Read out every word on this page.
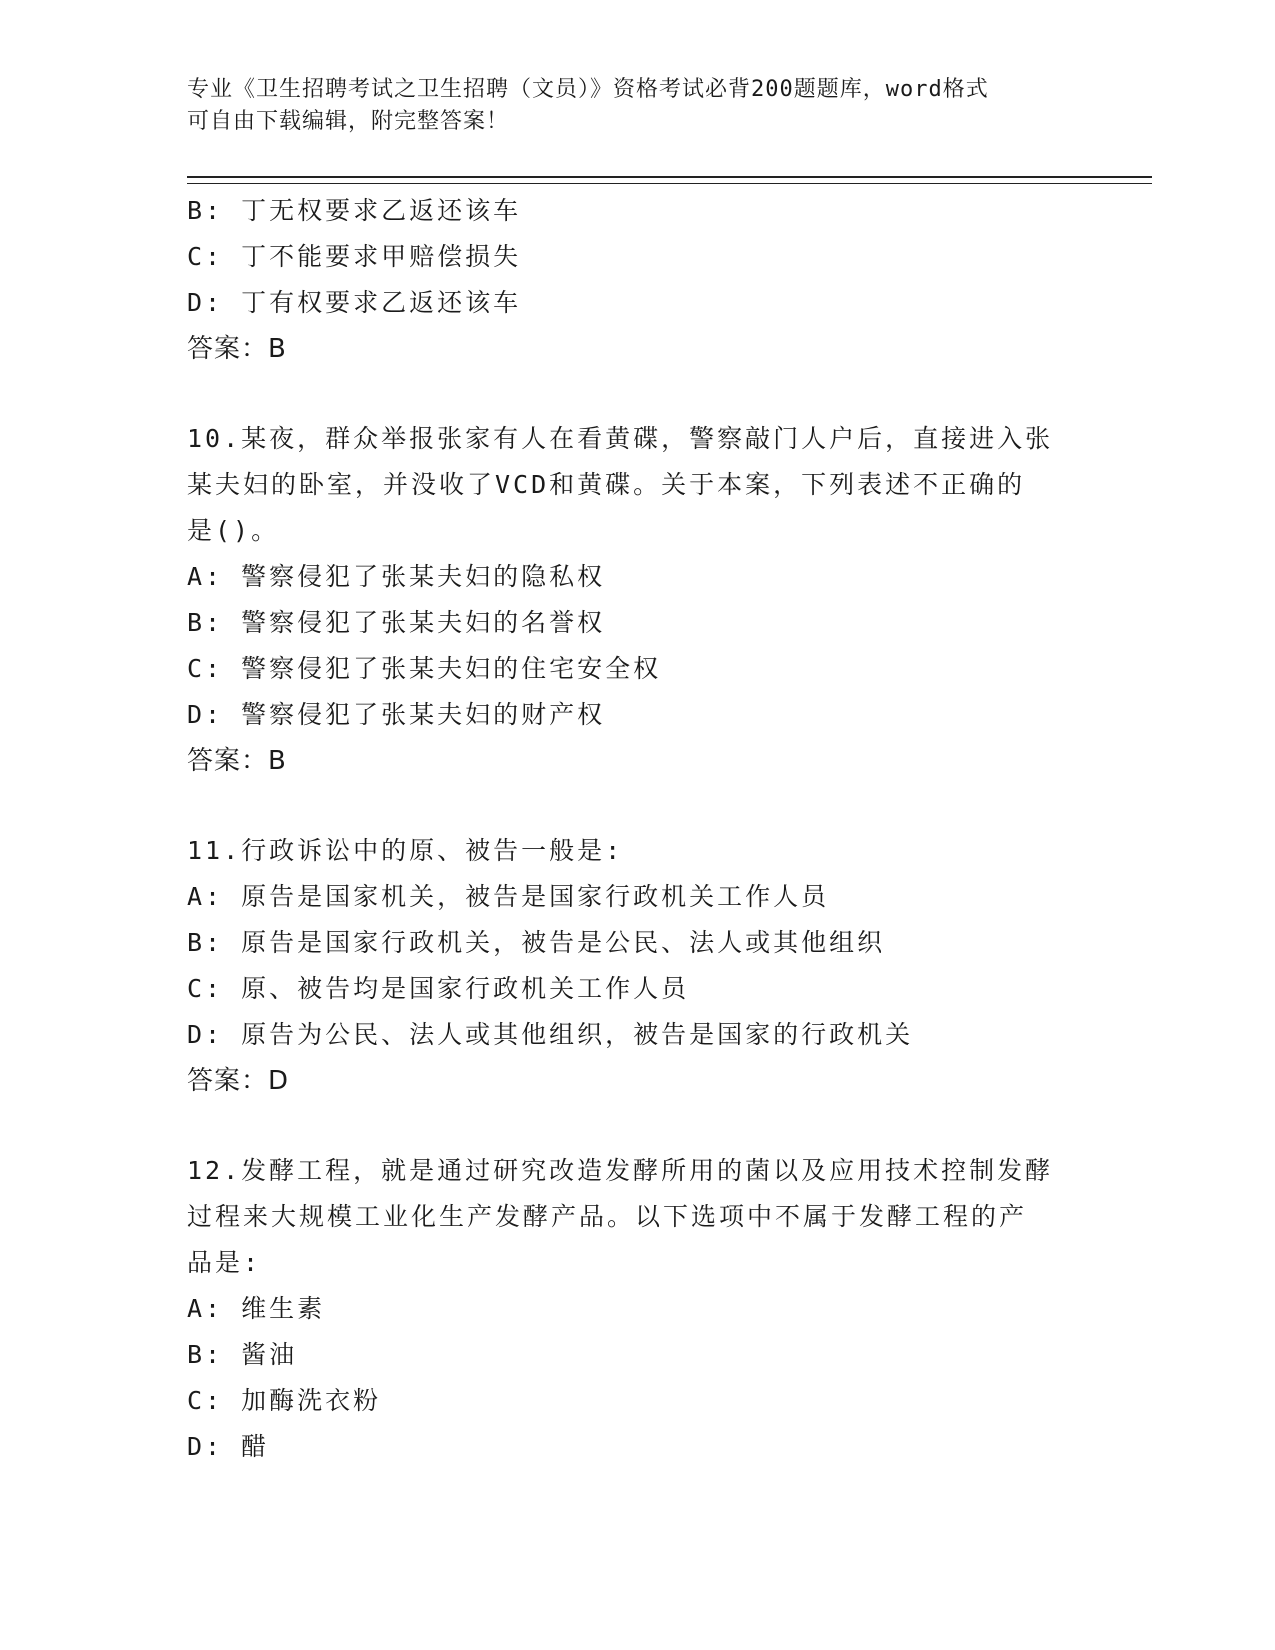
专业《卫生招聘考试之卫生招聘（文员）》资格考试必背200题题库，word格式
可自由下载编辑，附完整答案！
B: 丁无权要求乙返还该车
C: 丁不能要求甲赔偿损失
D: 丁有权要求乙返还该车
答案：B
10.某夜，群众举报张家有人在看黄碟，警察敲门人户后，直接进入张
某夫妇的卧室，并没收了VCD和黄碟。关于本案，下列表述不正确的
是()。
A: 警察侵犯了张某夫妇的隐私权
B: 警察侵犯了张某夫妇的名誉权
C: 警察侵犯了张某夫妇的住宅安全权
D: 警察侵犯了张某夫妇的财产权
答案：B
11.行政诉讼中的原、被告一般是:
A: 原告是国家机关，被告是国家行政机关工作人员
B: 原告是国家行政机关，被告是公民、法人或其他组织
C: 原、被告均是国家行政机关工作人员
D: 原告为公民、法人或其他组织，被告是国家的行政机关
答案：D
12.发酵工程，就是通过研究改造发酵所用的菌以及应用技术控制发酵
过程来大规模工业化生产发酵产品。以下选项中不属于发酵工程的产
品是:
A: 维生素
B: 酱油
C: 加酶洗衣粉
D: 醋
